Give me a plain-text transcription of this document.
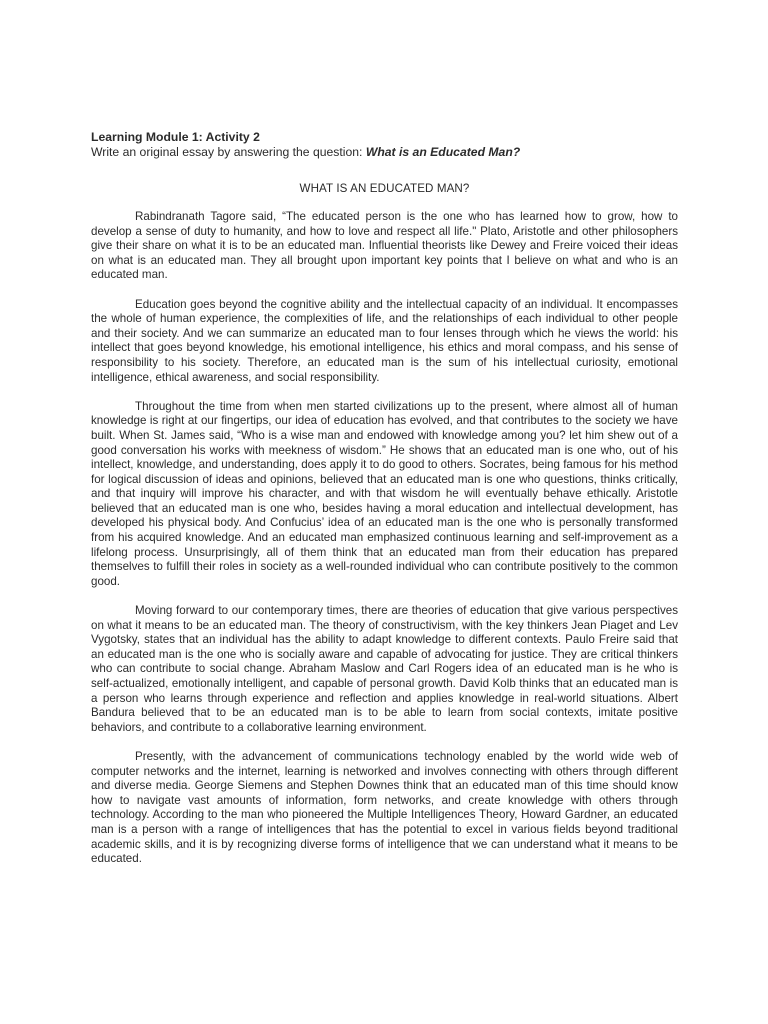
Learning Module 1: Activity 2

Write an original essay by answering the question: What is an Educated Man?

WHAT IS AN EDUCATED MAN?

Rabindranath Tagore said, “The educated person is the one who has learned how to grow, how to develop a sense of duty to humanity, and how to love and respect all life." Plato, Aristotle and other philosophers give their share on what it is to be an educated man. Influential theorists like Dewey and Freire voiced their ideas on what is an educated man. They all brought upon important key points that I believe on what and who is an educated man.

Education goes beyond the cognitive ability and the intellectual capacity of an individual. It encompasses the whole of human experience, the complexities of life, and the relationships of each individual to other people and their society. And we can summarize an educated man to four lenses through which he views the world: his intellect that goes beyond knowledge, his emotional intelligence, his ethics and moral compass, and his sense of responsibility to his society. Therefore, an educated man is the sum of his intellectual curiosity, emotional intelligence, ethical awareness, and social responsibility.

Throughout the time from when men started civilizations up to the present, where almost all of human knowledge is right at our fingertips, our idea of education has evolved, and that contributes to the society we have built. When St. James said, “Who is a wise man and endowed with knowledge among you? let him shew out of a good conversation his works with meekness of wisdom.” He shows that an educated man is one who, out of his intellect, knowledge, and understanding, does apply it to do good to others. Socrates, being famous for his method for logical discussion of ideas and opinions, believed that an educated man is one who questions, thinks critically, and that inquiry will improve his character, and with that wisdom he will eventually behave ethically. Aristotle believed that an educated man is one who, besides having a moral education and intellectual development, has developed his physical body. And Confucius’ idea of an educated man is the one who is personally transformed from his acquired knowledge. And an educated man emphasized continuous learning and self-improvement as a lifelong process. Unsurprisingly, all of them think that an educated man from their education has prepared themselves to fulfill their roles in society as a well-rounded individual who can contribute positively to the common good.

Moving forward to our contemporary times, there are theories of education that give various perspectives on what it means to be an educated man. The theory of constructivism, with the key thinkers Jean Piaget and Lev Vygotsky, states that an individual has the ability to adapt knowledge to different contexts. Paulo Freire said that an educated man is the one who is socially aware and capable of advocating for justice. They are critical thinkers who can contribute to social change. Abraham Maslow and Carl Rogers idea of an educated man is he who is self-actualized, emotionally intelligent, and capable of personal growth. David Kolb thinks that an educated man is a person who learns through experience and reflection and applies knowledge in real-world situations. Albert Bandura believed that to be an educated man is to be able to learn from social contexts, imitate positive behaviors, and contribute to a collaborative learning environment.

Presently, with the advancement of communications technology enabled by the world wide web of computer networks and the internet, learning is networked and involves connecting with others through different and diverse media. George Siemens and Stephen Downes think that an educated man of this time should know how to navigate vast amounts of information, form networks, and create knowledge with others through technology. According to the man who pioneered the Multiple Intelligences Theory, Howard Gardner, an educated man is a person with a range of intelligences that has the potential to excel in various fields beyond traditional academic skills, and it is by recognizing diverse forms of intelligence that we can understand what it means to be educated.
